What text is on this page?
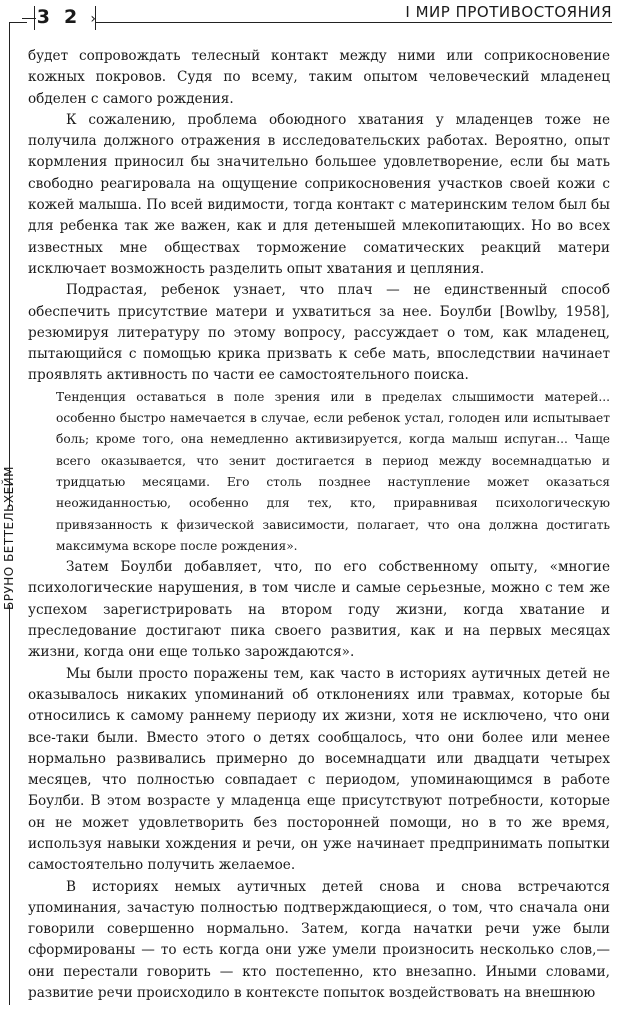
3 2 ›	I МИР ПРОТИВОСТОЯНИЯ
БРУНО БЕТТЕЛЬХЕЙМ

будет сопровождать телесный контакт между ними или соприкосновение кожных покровов. Судя по всему, таким опытом человеческий младенец обделен с самого рождения.

К сожалению, проблема обоюдного хватания у младенцев тоже не получила должного отражения в исследовательских работах. Вероятно, опыт кормления приносил бы значительно большее удовлетворение, если бы мать свободно реагировала на ощущение соприкосновения участков своей кожи с кожей малыша. По всей видимости, тогда контакт с материнским телом был бы для ребенка так же важен, как и для детенышей млекопитающих. Но во всех известных мне обществах торможение соматических реакций матери исключает возможность разделить опыт хватания и цепляния.

Подрастая, ребенок узнает, что плач — не единственный способ обеспечить присутствие матери и ухватиться за нее. Боулби [Bowlby, 1958], резюмируя литературу по этому вопросу, рассуждает о том, как младенец, пытающийся с помощью крика призвать к себе мать, впоследствии начинает проявлять активность по части ее самостоятельного поиска.

Тенденция оставаться в поле зрения или в пределах слышимости матерей... особенно быстро намечается в случае, если ребенок устал, голоден или испытывает боль; кроме того, она немедленно активизируется, когда малыш испуган... Чаще всего оказывается, что зенит достигается в период между восемнадцатью и тридцатью месяцами. Его столь позднее наступление может оказаться неожиданностью, особенно для тех, кто, приравнивая психологическую привязанность к физической зависимости, полагает, что она должна достигать максимума вскоре после рождения».

Затем Боулби добавляет, что, по его собственному опыту, «многие психологические нарушения, в том числе и самые серьезные, можно с тем же успехом зарегистрировать на втором году жизни, когда хватание и преследование достигают пика своего развития, как и на первых месяцах жизни, когда они еще только зарождаются».

Мы были просто поражены тем, как часто в историях аутичных детей не оказывалось никаких упоминаний об отклонениях или травмах, которые бы относились к самому раннему периоду их жизни, хотя не исключено, что они все-таки были. Вместо этого о детях сообщалось, что они более или менее нормально развивались примерно до восемнадцати или двадцати четырех месяцев, что полностью совпадает с периодом, упоминающимся в работе Боулби. В этом возрасте у младенца еще присутствуют потребности, которые он не может удовлетворить без посторонней помощи, но в то же время, используя навыки хождения и речи, он уже начинает предпринимать попытки самостоятельно получить желаемое.

В историях немых аутичных детей снова и снова встречаются упоминания, зачастую полностью подтверждающиеся, о том, что сначала они говорили совершенно нормально. Затем, когда начатки речи уже были сформированы — то есть когда они уже умели произносить несколько слов,— они перестали говорить — кто постепенно, кто внезапно. Иными словами, развитие речи происходило в контексте попыток воздействовать на внешнюю
